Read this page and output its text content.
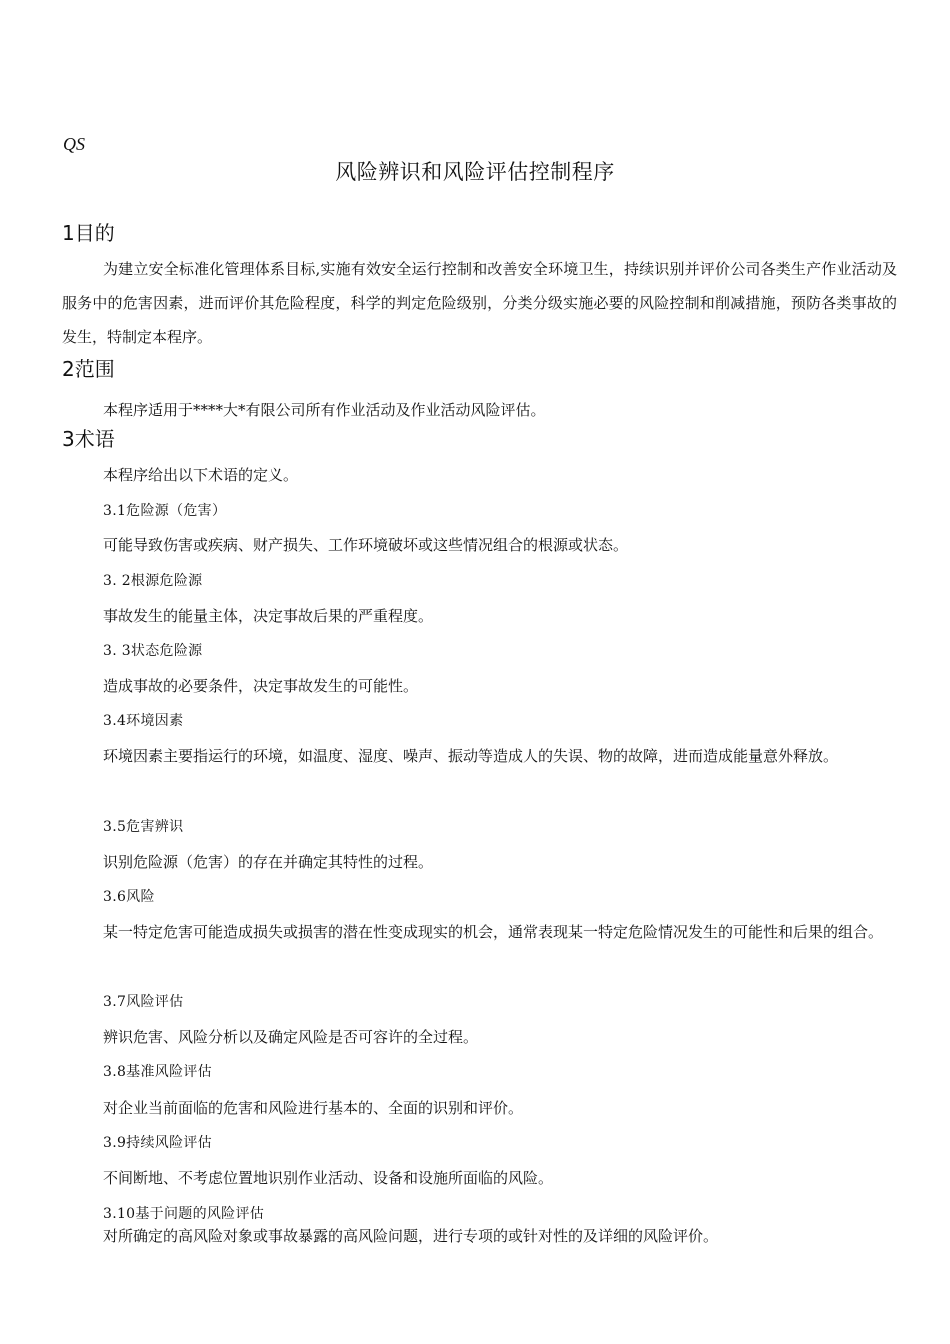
QS
风险辨识和风险评估控制程序
1目的

为建立安全标准化管理体系目标,实施有效安全运行控制和改善安全环境卫生，持续识别并评价公司各类生产作业活动及服务中的危害因素，进而评价其危险程度，科学的判定危险级别，分类分级实施必要的风险控制和削减措施，预防各类事故的发生，特制定本程序。

2范围
本程序适用于****大*有限公司所有作业活动及作业活动风险评估。
3术语
本程序给出以下术语的定义。
3.1危险源（危害）
可能导致伤害或疾病、财产损失、工作环境破坏或这些情况组合的根源或状态。
3. 2根源危险源
事故发生的能量主体，决定事故后果的严重程度。
3. 3状态危险源
造成事故的必要条件，决定事故发生的可能性。
3.4环境因素

环境因素主要指运行的环境，如温度、湿度、噪声、振动等造成人的失误、物的故障，进而造成能量意外释放。

3.5危害辨识
识别危险源（危害）的存在并确定其特性的过程。
3.6风险

某一特定危害可能造成损失或损害的潜在性变成现实的机会，通常表现某一特定危险情况发生的可能性和后果的组合。

3.7风险评估
辨识危害、风险分析以及确定风险是否可容许的全过程。
3.8基准风险评估
对企业当前面临的危害和风险进行基本的、全面的识别和评价。
3.9持续风险评估
不间断地、不考虑位置地识别作业活动、设备和设施所面临的风险。
3.10基于问题的风险评估
对所确定的高风险对象或事故暴露的高风险问题，进行专项的或针对性的及详细的风险评价。
